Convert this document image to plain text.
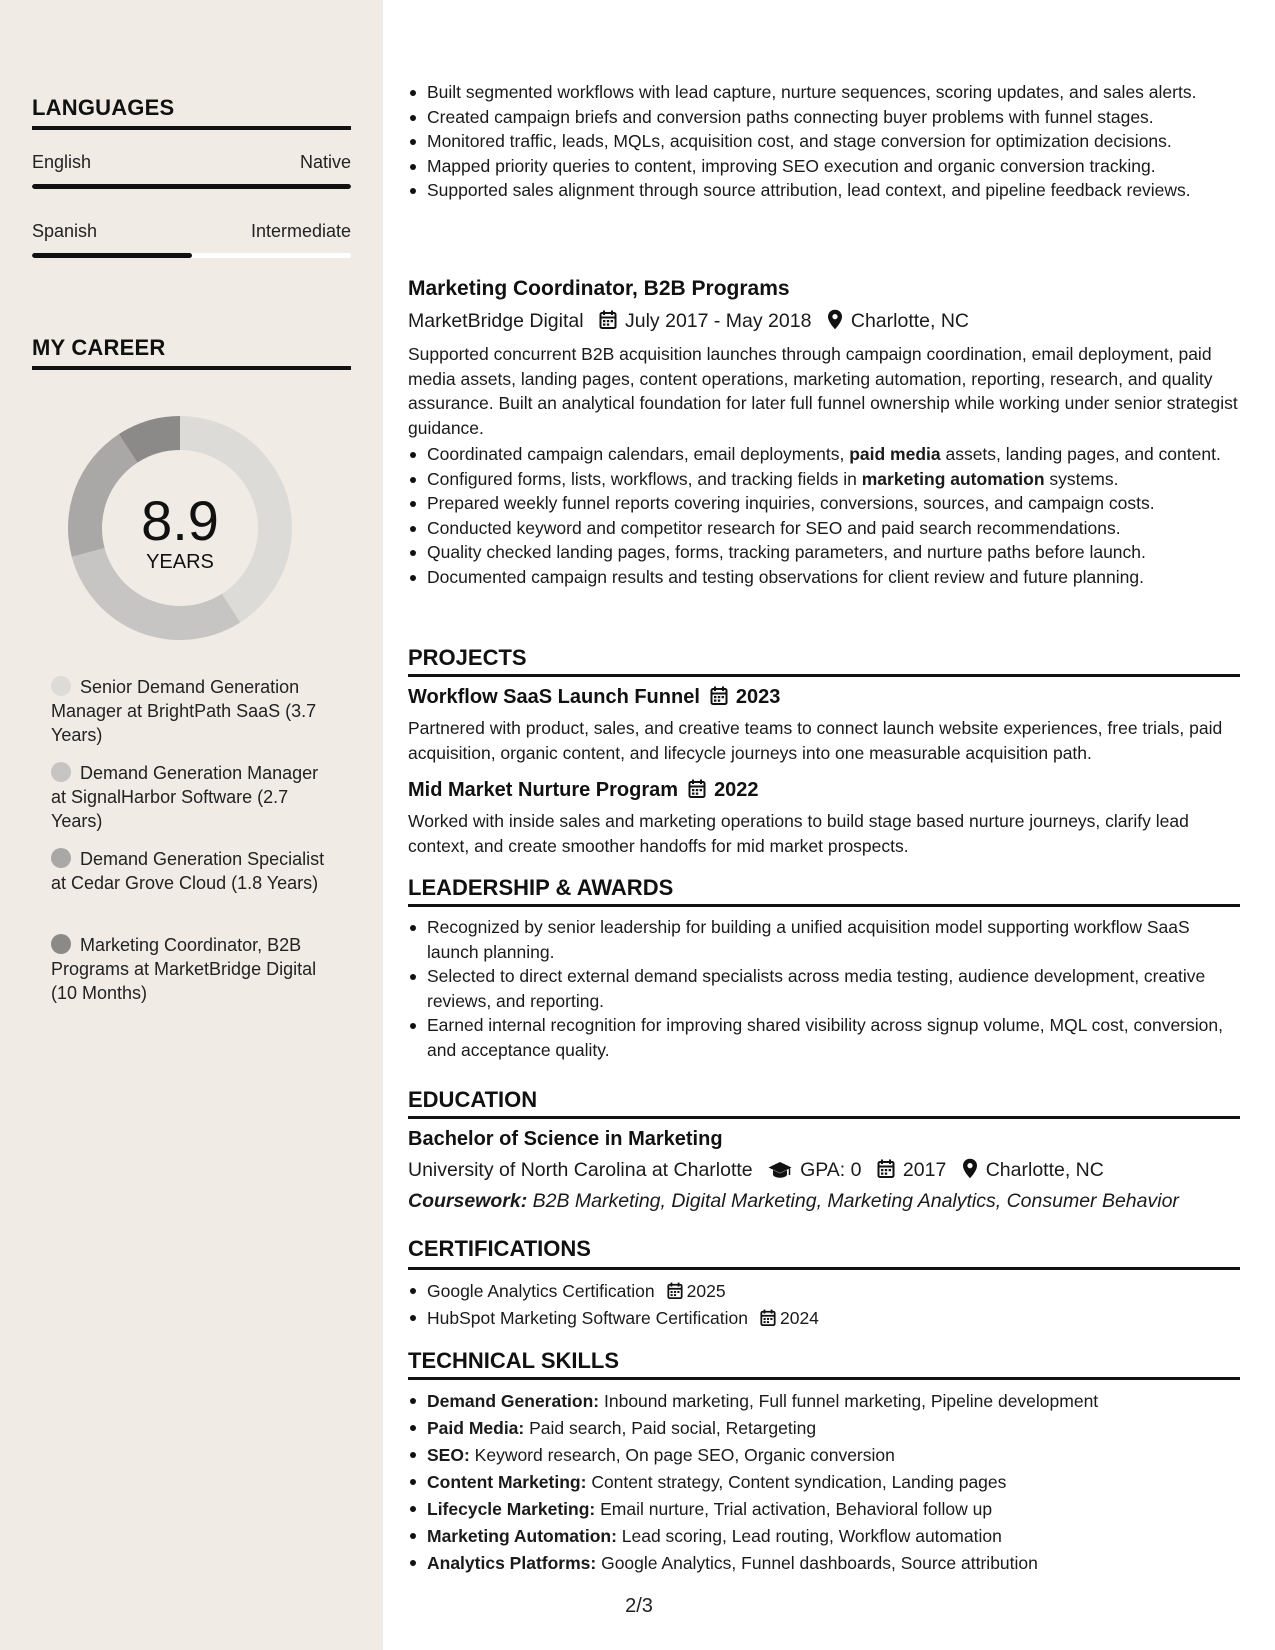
LANGUAGES
English	Native
Spanish	Intermediate
MY CAREER
8.9
YEARS
Senior Demand Generation Manager at BrightPath SaaS (3.7 Years)
Demand Generation Manager at SignalHarbor Software (2.7 Years)
Demand Generation Specialist at Cedar Grove Cloud (1.8 Years)
Marketing Coordinator, B2B Programs at MarketBridge Digital (10 Months)
Built segmented workflows with lead capture, nurture sequences, scoring updates, and sales alerts.
Created campaign briefs and conversion paths connecting buyer problems with funnel stages.
Monitored traffic, leads, MQLs, acquisition cost, and stage conversion for optimization decisions.
Mapped priority queries to content, improving SEO execution and organic conversion tracking.
Supported sales alignment through source attribution, lead context, and pipeline feedback reviews.
Marketing Coordinator, B2B Programs
MarketBridge Digital July 2017 - May 2018 Charlotte, NC
Supported concurrent B2B acquisition launches through campaign coordination, email deployment, paid media assets, landing pages, content operations, marketing automation, reporting, research, and quality assurance. Built an analytical foundation for later full funnel ownership while working under senior strategist guidance.
Coordinated campaign calendars, email deployments, paid media assets, landing pages, and content.
Configured forms, lists, workflows, and tracking fields in marketing automation systems.
Prepared weekly funnel reports covering inquiries, conversions, sources, and campaign costs.
Conducted keyword and competitor research for SEO and paid search recommendations.
Quality checked landing pages, forms, tracking parameters, and nurture paths before launch.
Documented campaign results and testing observations for client review and future planning.
PROJECTS
Workflow SaaS Launch Funnel 2023
Partnered with product, sales, and creative teams to connect launch website experiences, free trials, paid acquisition, organic content, and lifecycle journeys into one measurable acquisition path.
Mid Market Nurture Program 2022
Worked with inside sales and marketing operations to build stage based nurture journeys, clarify lead context, and create smoother handoffs for mid market prospects.
LEADERSHIP & AWARDS
Recognized by senior leadership for building a unified acquisition model supporting workflow SaaS launch planning.
Selected to direct external demand specialists across media testing, audience development, creative reviews, and reporting.
Earned internal recognition for improving shared visibility across signup volume, MQL cost, conversion, and acceptance quality.
EDUCATION
Bachelor of Science in Marketing
University of North Carolina at Charlotte GPA: 0 2017 Charlotte, NC
Coursework: B2B Marketing, Digital Marketing, Marketing Analytics, Consumer Behavior
CERTIFICATIONS
Google Analytics Certification 2025
HubSpot Marketing Software Certification 2024
TECHNICAL SKILLS
Demand Generation: Inbound marketing, Full funnel marketing, Pipeline development
Paid Media: Paid search, Paid social, Retargeting
SEO: Keyword research, On page SEO, Organic conversion
Content Marketing: Content strategy, Content syndication, Landing pages
Lifecycle Marketing: Email nurture, Trial activation, Behavioral follow up
Marketing Automation: Lead scoring, Lead routing, Workflow automation
Analytics Platforms: Google Analytics, Funnel dashboards, Source attribution
2/3
